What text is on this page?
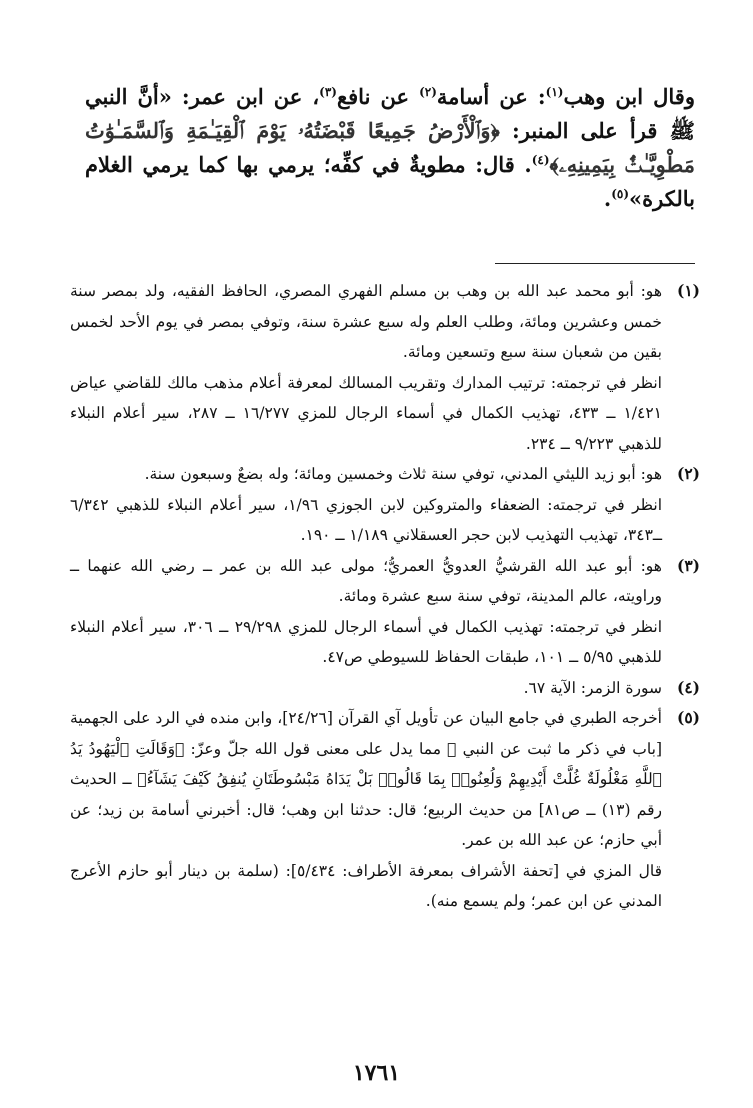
وقال ابن وهب$^{(١)}$: عن أسامة$^{(٢)}$ عن نافع$^{(٣)}$، عن ابن عمر: «أنَّ النبي ﷺ قرأ على المنبر: ﴿وَٱلْأَرْضُ جَمِيعًا قَبْضَتُهُۥ يَوْمَ ٱلْقِيَـٰمَةِ وَٱلسَّمَـٰوَٰتُ مَطْوِيَّـٰتٌۢ بِيَمِينِهِۦ﴾$^{(٤)}$. قال: مطويةٌ في كفِّه؛ يرمي بها كما يرمي الغلام بالكرة»$^{(٥)}$.
(١)

هو: أبو محمد عبد الله بن وهب بن مسلم الفهري المصري، الحافظ الفقيه، ولد بمصر سنة خمس وعشرين ومائة، وطلب العلم وله سبع عشرة سنة، وتوفي بمصر في يوم الأحد لخمس بقين من شعبان سنة سبع وتسعين ومائة.

انظر في ترجمته: ترتيب المدارك وتقريب المسالك لمعرفة أعلام مذهب مالك للقاضي عياض ١/٤٢١ ــ ٤٣٣، تهذيب الكمال في أسماء الرجال للمزي ١٦/٢٧٧ ــ ٢٨٧، سير أعلام النبلاء للذهبي ٩/٢٢٣ ــ ٢٣٤.

(٢)

هو: أبو زيد الليثي المدني، توفي سنة ثلاث وخمسين ومائة؛ وله بضعٌ وسبعون سنة.

انظر في ترجمته: الضعفاء والمتروكين لابن الجوزي ١/٩٦، سير أعلام النبلاء للذهبي ٦/٣٤٢ ــ٣٤٣، تهذيب التهذيب لابن حجر العسقلاني ١/١٨٩ ــ ١٩٠.

(٣)

هو: أبو عبد الله القرشيُّ العدويُّ العمريُّ؛ مولى عبد الله بن عمر ــ رضي الله عنهما ــ وراويته، عالم المدينة، توفي سنة سبع عشرة ومائة.

انظر في ترجمته: تهذيب الكمال في أسماء الرجال للمزي ٢٩/٢٩٨ ــ ٣٠٦، سير أعلام النبلاء للذهبي ٥/٩٥ ــ ١٠١، طبقات الحفاظ للسيوطي ص٤٧.

(٤)

سورة الزمر: الآية ٦٧.

(٥)

أخرجه الطبري في جامع البيان عن تأويل آي القرآن [٢٤/٢٦]، وابن منده في الرد على الجهمية [باب في ذكر ما ثبت عن النبي ﷺ مما يدل على معنى قول الله جلّ وعزّ: ﴿وَقَالَتِ ٱلْيَهُودُ يَدُ ٱللَّهِ مَغْلُولَةٌ غُلَّتْ أَيْدِيهِمْ وَلُعِنُوا۟ بِمَا قَالُوا۟ بَلْ يَدَاهُ مَبْسُوطَتَانِ يُنفِقُ كَيْفَ يَشَآءُ﴾ ــ الحديث رقم (١٣) ــ ص٨١] من حديث الربيع؛ قال: حدثنا ابن وهب؛ قال: أخبرني أسامة بن زيد؛ عن أبي حازم؛ عن عبد الله بن عمر.

قال المزي في [تحفة الأشراف بمعرفة الأطراف: ٥/٤٣٤]: (سلمة بن دينار أبو حازم الأعرج المدني عن ابن عمر؛ ولم يسمع منه).

١٧٦١
